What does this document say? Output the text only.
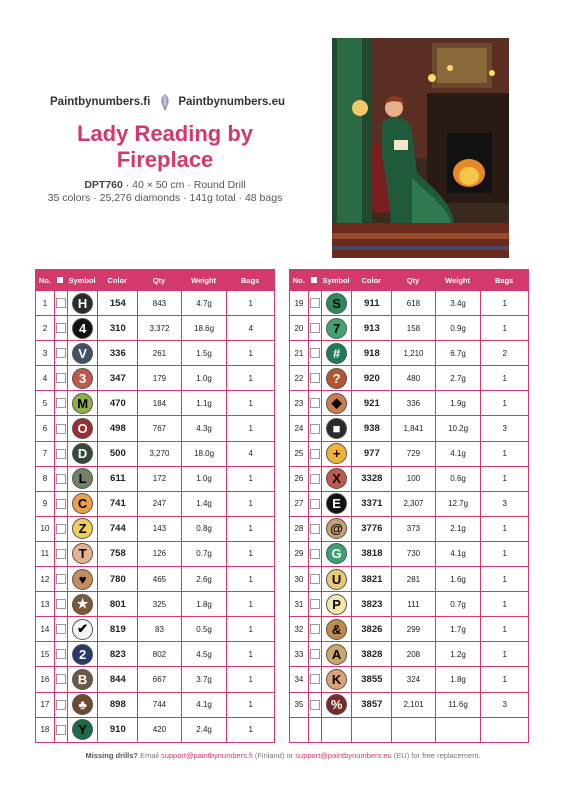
Paintbynumbers.fi Paintbynumbers.eu
Lady Reading by Fireplace
DPT760 · 40 × 50 cm · Round Drill
35 colors · 25,276 diamonds · 141g total · 48 bags
No.	Symbol	Color	Qty	Weight	Bags
1	H	154	843	4.7g	1
2	4	310	3,372	18.6g	4
3	V	336	261	1.5g	1
4	3	347	179	1.0g	1
5	M	470	184	1.1g	1
6	O	498	767	4.3g	1
7	D	500	3,270	18.0g	4
8	L	611	172	1.0g	1
9	C	741	247	1.4g	1
10	Z	744	143	0.8g	1
11	T	758	126	0.7g	1
12	♥	780	465	2.6g	1
13	★	801	325	1.8g	1
14	✔	819	83	0.5g	1
15	2	823	802	4.5g	1
16	B	844	667	3.7g	1
17	♣	898	744	4.1g	1
18	Y	910	420	2.4g	1
No.	Symbol	Color	Qty	Weight	Bags
19	S	911	618	3.4g	1
20	7	913	158	0.9g	1
21	#	918	1,210	6.7g	2
22	?	920	480	2.7g	1
23	◆	921	336	1.9g	1
24	■	938	1,841	10.2g	3
25	+	977	729	4.1g	1
26	X	3328	100	0.6g	1
27	E	3371	2,307	12.7g	3
28	@	3776	373	2.1g	1
29	G	3818	730	4.1g	1
30	U	3821	281	1.6g	1
31	P	3823	111	0.7g	1
32	&	3826	299	1.7g	1
33	A	3828	208	1.2g	1
34	K	3855	324	1.8g	1
35	%	3857	2,101	11.6g	3
Missing drills? Email support@paintbynumbers.fi (Finland) or support@paintbynumbers.eu (EU) for free replacement.
